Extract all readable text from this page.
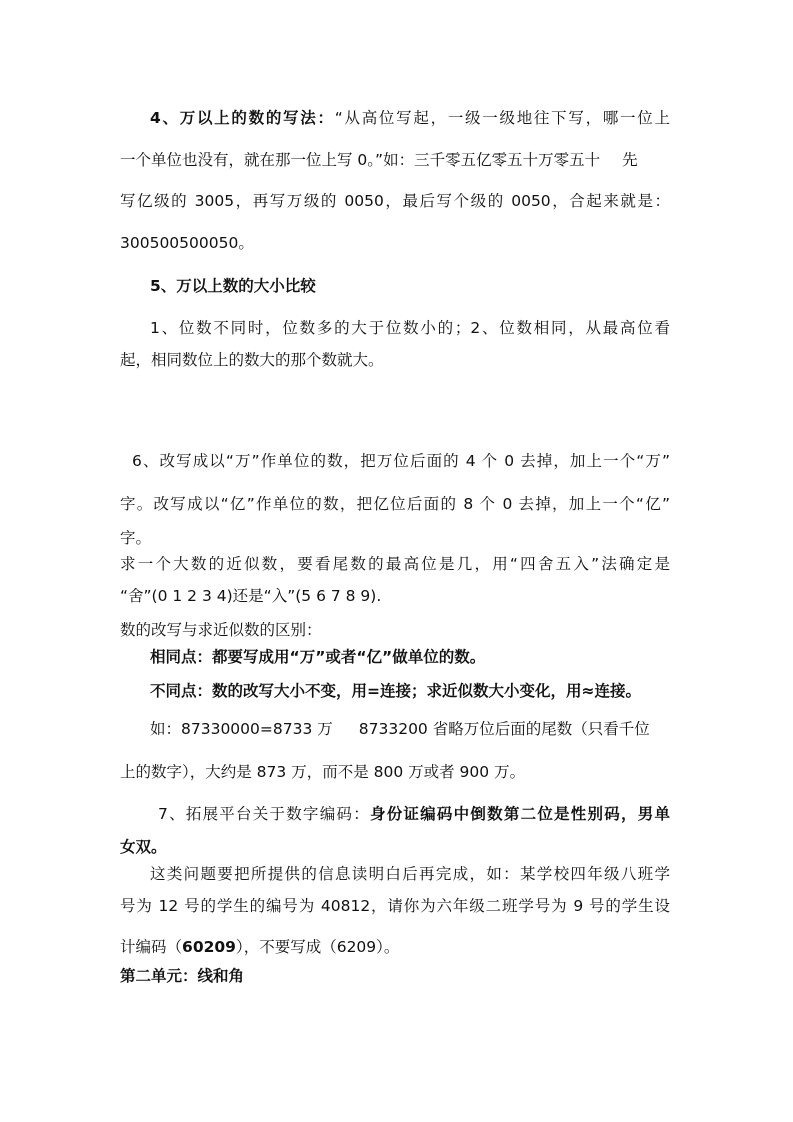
4、万以上的数的写法：“从高位写起，一级一级地往下写，哪一位上
一个单位也没有，就在那一位上写 0。”如：三千零五亿零五十万零五十 先
写亿级的 3005，再写万级的 0050，最后写个级的 0050，合起来就是：
300500500050。
5、万以上数的大小比较
1、位数不同时，位数多的大于位数小的；2、位数相同，从最高位看
起，相同数位上的数大的那个数就大。
6、改写成以“万”作单位的数，把万位后面的 4 个 0 去掉，加上一个“万”
字。改写成以“亿”作单位的数，把亿位后面的 8 个 0 去掉，加上一个“亿”
字。
求一个大数的近似数，要看尾数的最高位是几，用“四舍五入”法确定是
“舍”(0 1 2 3 4)还是“入”(5 6 7 8 9).
数的改写与求近似数的区别：
相同点：都要写成用“万”或者“亿”做单位的数。
不同点：数的改写大小不变，用=连接；求近似数大小变化，用≈连接。
如：87330000=8733 万 8733200 省略万位后面的尾数（只看千位
上的数字），大约是 873 万，而不是 800 万或者 900 万。
7、拓展平台关于数字编码：身份证编码中倒数第二位是性别码，男单
女双。
这类问题要把所提供的信息读明白后再完成，如：某学校四年级八班学
号为 12 号的学生的编号为 40812，请你为六年级二班学号为 9 号的学生设
计编码（60209），不要写成（6209）。
第二单元：线和角
